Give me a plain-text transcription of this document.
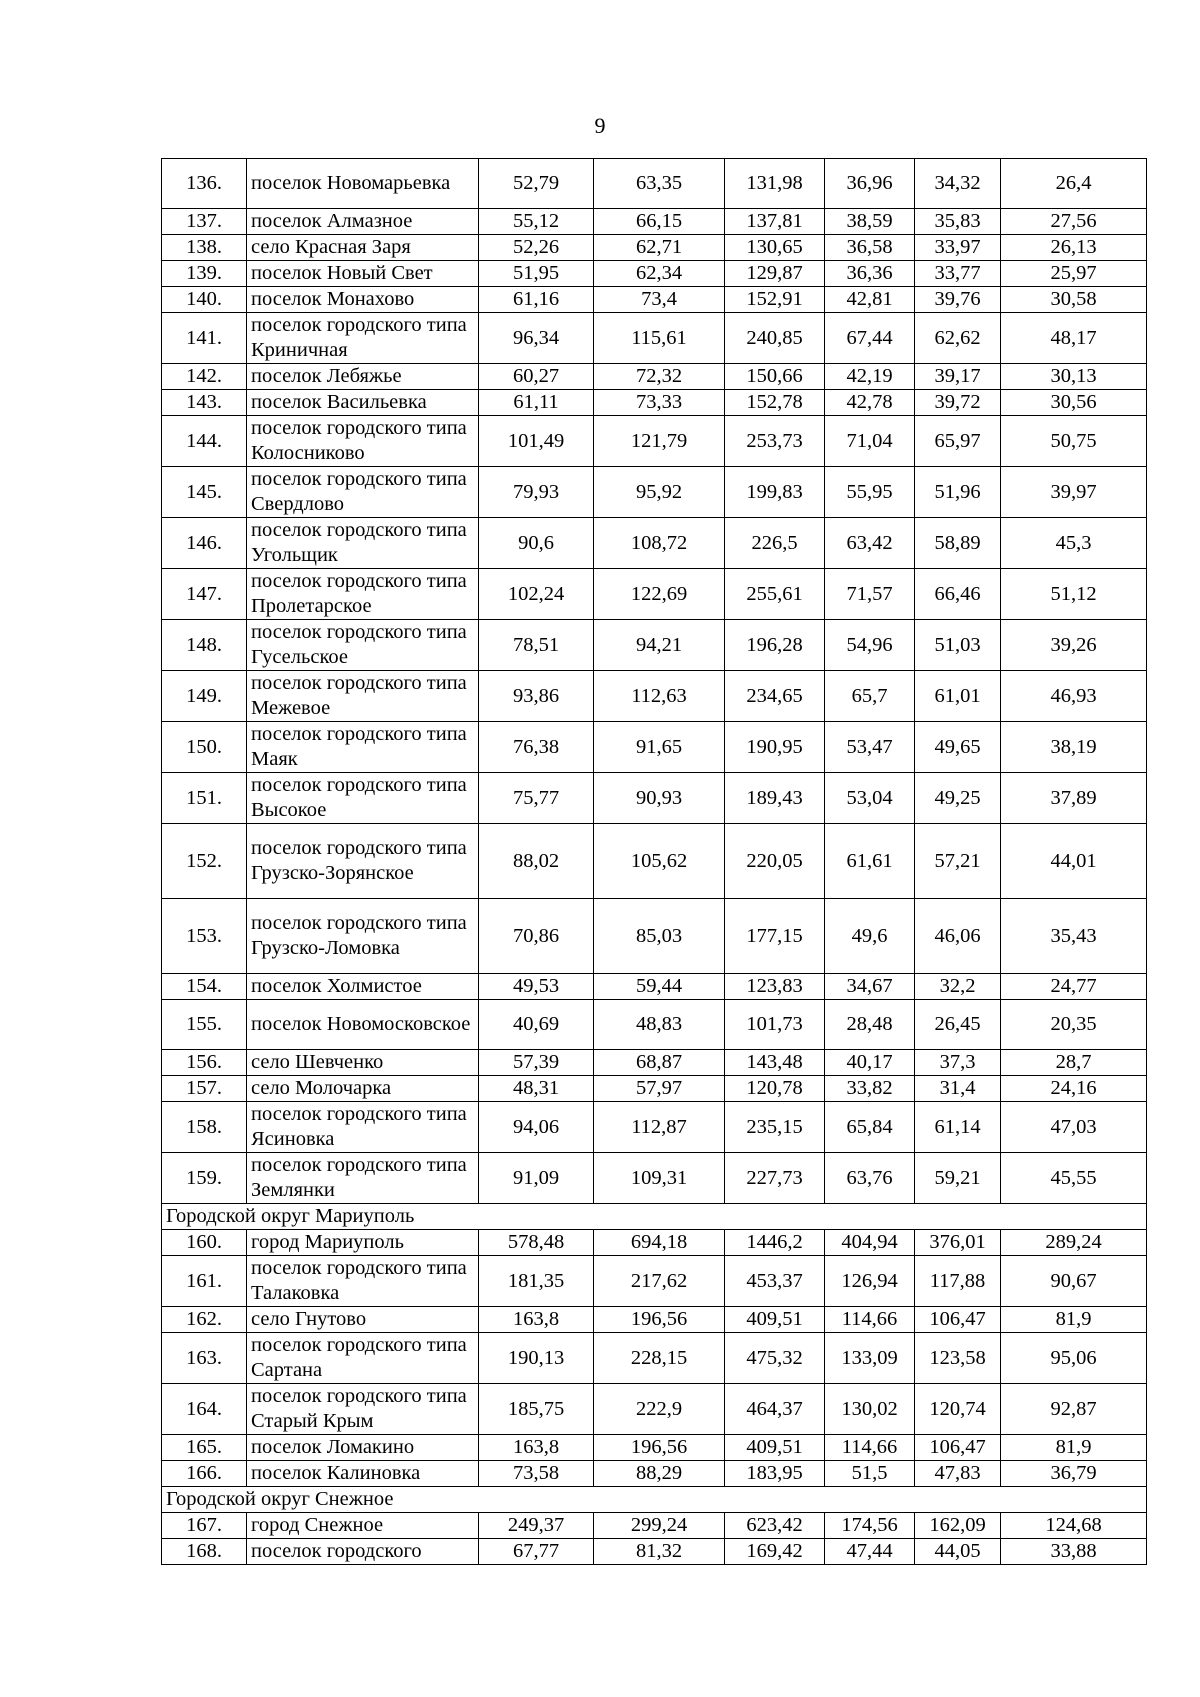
9
136.	поселок Новомарьевка	52,79	63,35	131,98	36,96	34,32	26,4
137.	поселок Алмазное	55,12	66,15	137,81	38,59	35,83	27,56
138.	село Красная Заря	52,26	62,71	130,65	36,58	33,97	26,13
139.	поселок Новый Свет	51,95	62,34	129,87	36,36	33,77	25,97
140.	поселок Монахово	61,16	73,4	152,91	42,81	39,76	30,58
141.	поселок городского типа Криничная	96,34	115,61	240,85	67,44	62,62	48,17
142.	поселок Лебяжье	60,27	72,32	150,66	42,19	39,17	30,13
143.	поселок Васильевка	61,11	73,33	152,78	42,78	39,72	30,56
144.	поселок городского типа Колосниково	101,49	121,79	253,73	71,04	65,97	50,75
145.	поселок городского типа Свердлово	79,93	95,92	199,83	55,95	51,96	39,97
146.	поселок городского типа Угольщик	90,6	108,72	226,5	63,42	58,89	45,3
147.	поселок городского типа Пролетарское	102,24	122,69	255,61	71,57	66,46	51,12
148.	поселок городского типа Гусельское	78,51	94,21	196,28	54,96	51,03	39,26
149.	поселок городского типа Межевое	93,86	112,63	234,65	65,7	61,01	46,93
150.	поселок городского типа Маяк	76,38	91,65	190,95	53,47	49,65	38,19
151.	поселок городского типа Высокое	75,77	90,93	189,43	53,04	49,25	37,89
152.	поселок городского типа Грузско-Зорянское	88,02	105,62	220,05	61,61	57,21	44,01
153.	поселок городского типа Грузско-Ломовка	70,86	85,03	177,15	49,6	46,06	35,43
154.	поселок Холмистое	49,53	59,44	123,83	34,67	32,2	24,77
155.	поселок Новомосковское	40,69	48,83	101,73	28,48	26,45	20,35
156.	село Шевченко	57,39	68,87	143,48	40,17	37,3	28,7
157.	село Молочарка	48,31	57,97	120,78	33,82	31,4	24,16
158.	поселок городского типа Ясиновка	94,06	112,87	235,15	65,84	61,14	47,03
159.	поселок городского типа Землянки	91,09	109,31	227,73	63,76	59,21	45,55
Городской округ Мариуполь							
160.	город Мариуполь	578,48	694,18	1446,2	404,94	376,01	289,24
161.	поселок городского типа Талаковка	181,35	217,62	453,37	126,94	117,88	90,67
162.	село Гнутово	163,8	196,56	409,51	114,66	106,47	81,9
163.	поселок городского типа Сартана	190,13	228,15	475,32	133,09	123,58	95,06
164.	поселок городского типа Старый Крым	185,75	222,9	464,37	130,02	120,74	92,87
165.	поселок Ломакино	163,8	196,56	409,51	114,66	106,47	81,9
166.	поселок Калиновка	73,58	88,29	183,95	51,5	47,83	36,79
Городской округ Снежное							
167.	город Снежное	249,37	299,24	623,42	174,56	162,09	124,68
168.	поселок городского	67,77	81,32	169,42	47,44	44,05	33,88
